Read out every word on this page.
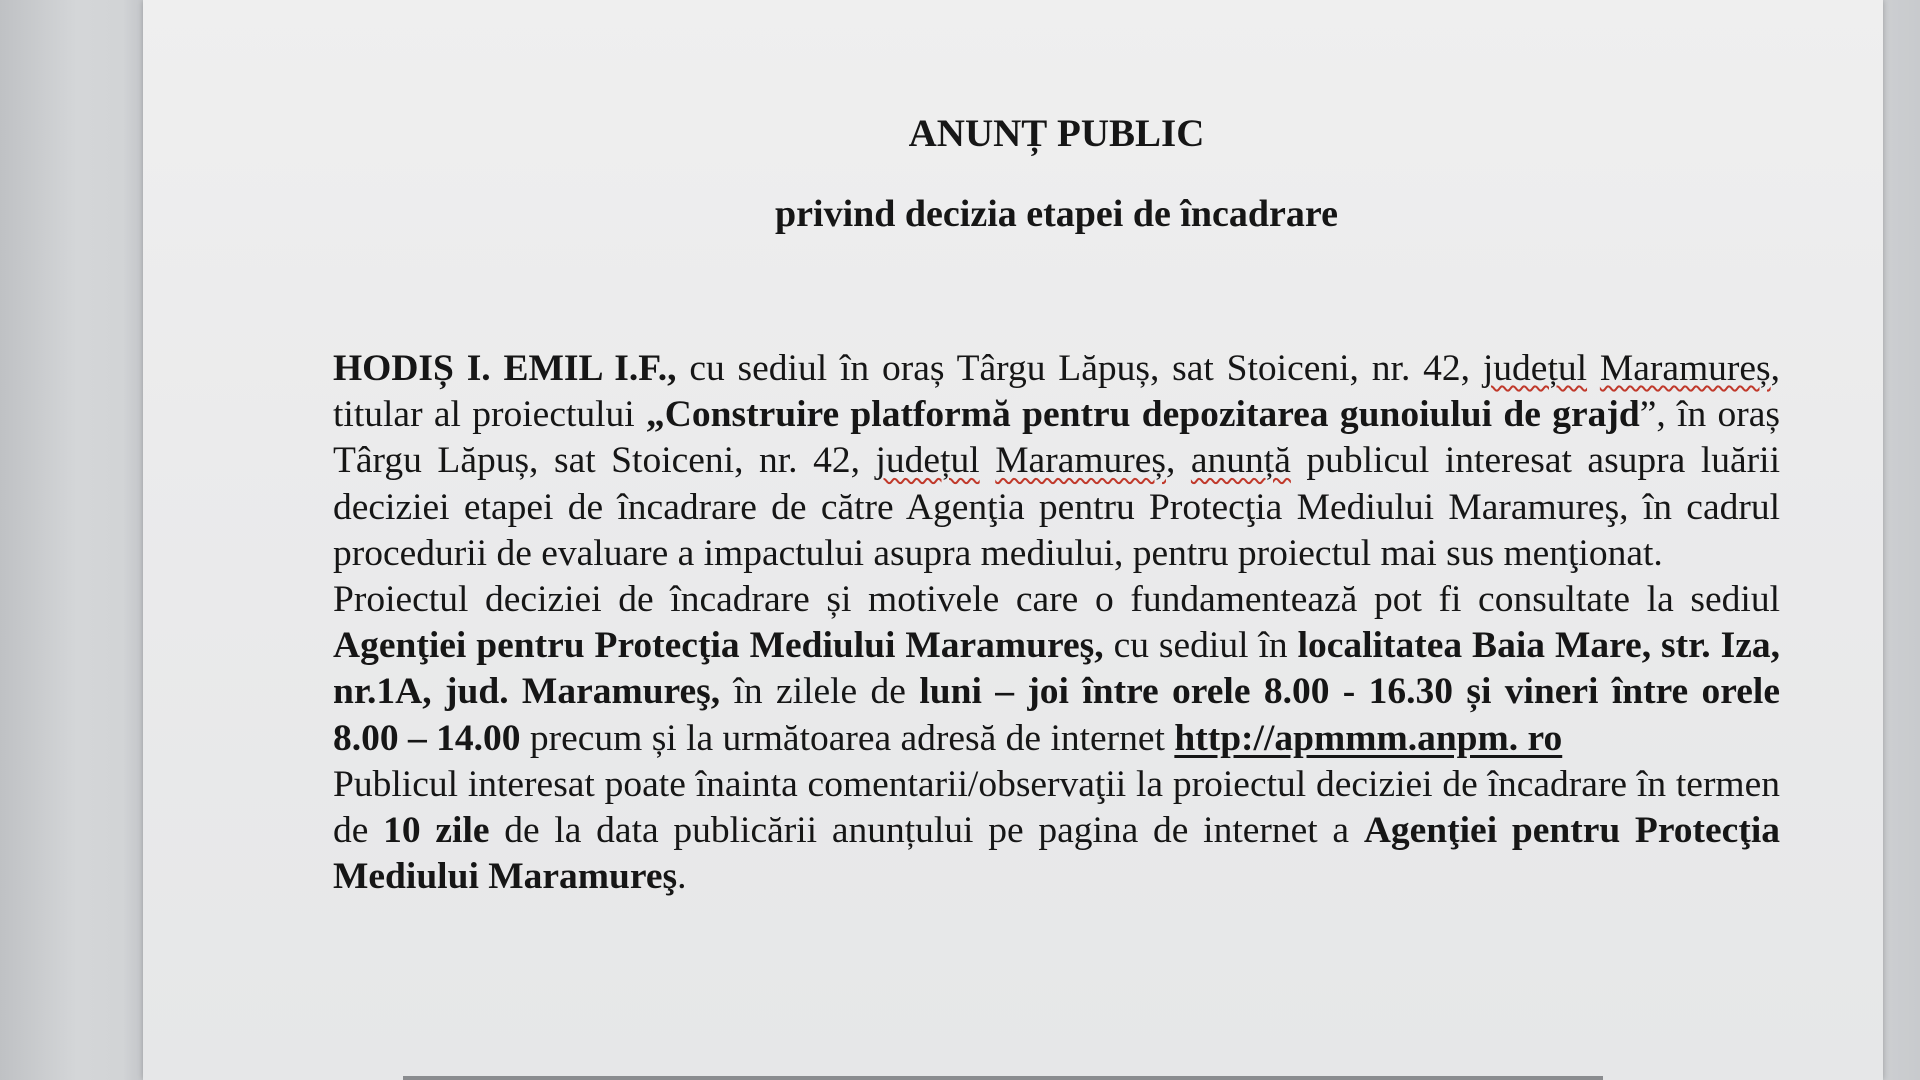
ANUNȚ PUBLIC
privind decizia etapei de încadrare

HODIȘ I. EMIL I.F., cu sediul în oraș Târgu Lăpuș, sat Stoiceni, nr. 42, județul Maramureș, titular al proiectului „Construire platformă pentru depozitarea gunoiului de grajd”, în oraș Târgu Lăpuș, sat Stoiceni, nr. 42, județul Maramureș, anunță publicul interesat asupra luării deciziei etapei de încadrare de către Agenţia pentru Protecţia Mediului Maramureş, în cadrul procedurii de evaluare a impactului asupra mediului, pentru proiectul mai sus menţionat.

Proiectul deciziei de încadrare și motivele care o fundamentează pot fi consultate la sediul Agenţiei pentru Protecţia Mediului Maramureş, cu sediul în localitatea Baia Mare, str. Iza, nr.1A, jud. Maramureş, în zilele de luni – joi între orele 8.00 - 16.30 și vineri între orele 8.00 – 14.00 precum și la următoarea adresă de internet http://apmmm.anpm. ro

Publicul interesat poate înainta comentarii/observaţii la proiectul deciziei de încadrare în termen de 10 zile de la data publicării anunțului pe pagina de internet a Agenţiei pentru Protecţia Mediului Maramureş.
